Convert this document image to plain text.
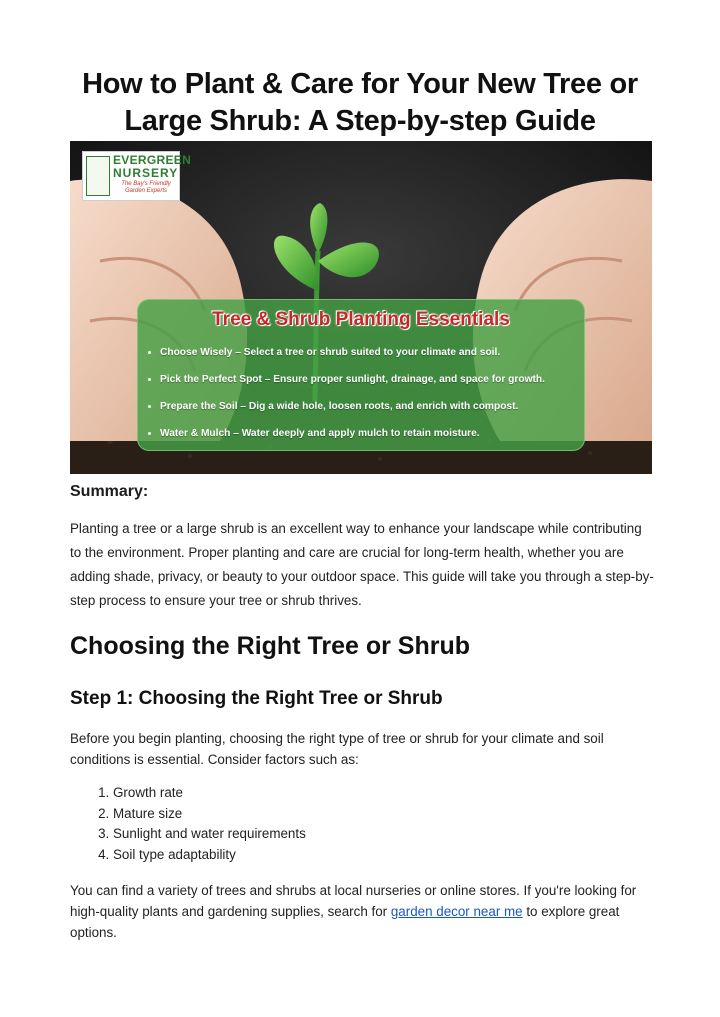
How to Plant & Care for Your New Tree or Large Shrub: A Step-by-step Guide
EVERGREEN
NURSERY
The Bay's Friendly Garden Experts
Tree & Shrub Planting Essentials
• Choose Wisely – Select a tree or shrub suited to your climate and soil.
• Pick the Perfect Spot – Ensure proper sunlight, drainage, and space for growth.
• Prepare the Soil – Dig a wide hole, loosen roots, and enrich with compost.
• Water & Mulch – Water deeply and apply mulch to retain moisture.
Summary:

Planting a tree or a large shrub is an excellent way to enhance your landscape while contributing to the environment. Proper planting and care are crucial for long-term health, whether you are adding shade, privacy, or beauty to your outdoor space. This guide will take you through a step-by-step process to ensure your tree or shrub thrives.

Choosing the Right Tree or Shrub
Step 1: Choosing the Right Tree or Shrub

Before you begin planting, choosing the right type of tree or shrub for your climate and soil conditions is essential. Consider factors such as:

1. Growth rate
2. Mature size
3. Sunlight and water requirements
4. Soil type adaptability

You can find a variety of trees and shrubs at local nurseries or online stores. If you're looking for high-quality plants and gardening supplies, search for garden decor near me to explore great options.
